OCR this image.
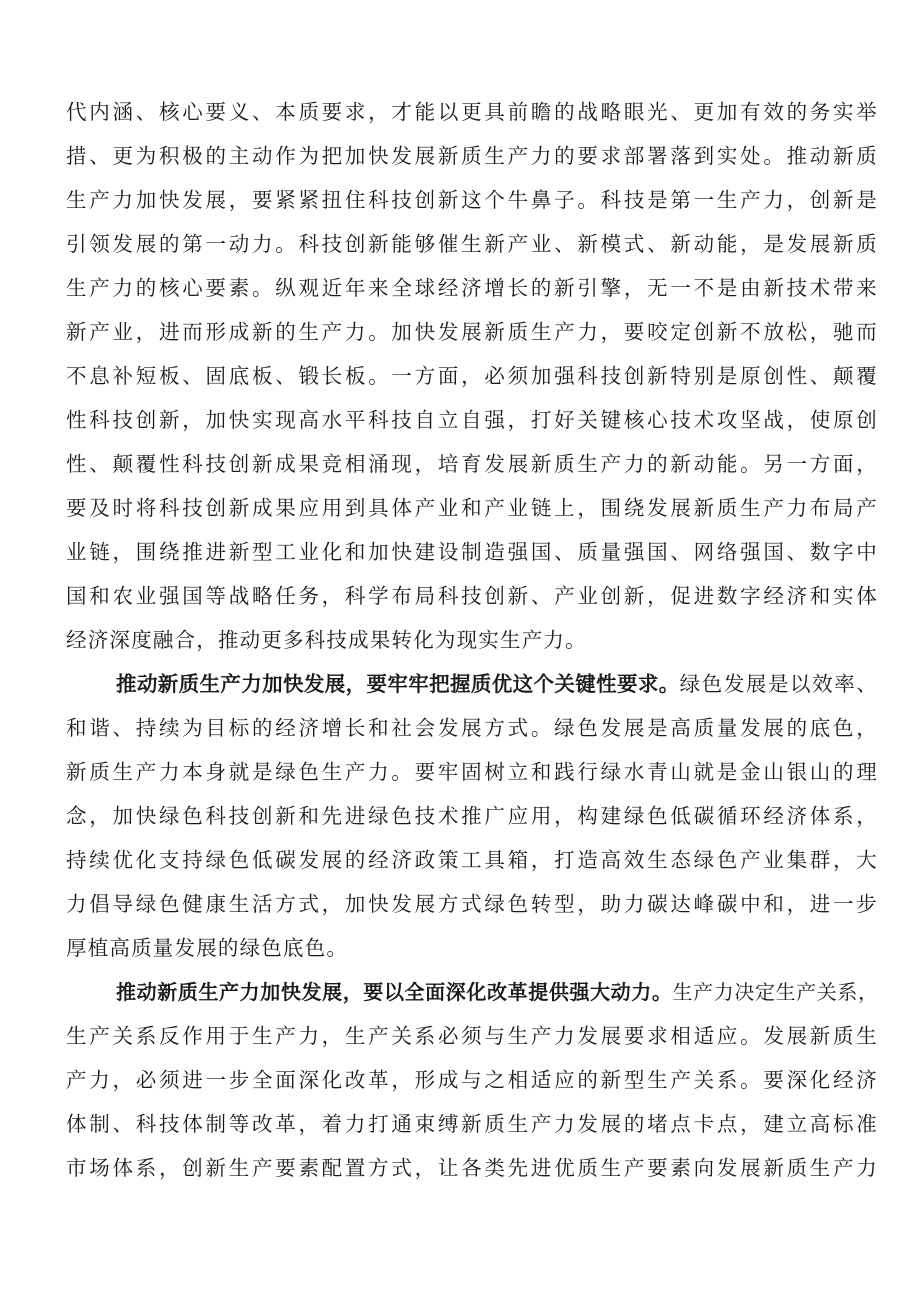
代内涵、核心要义、本质要求，才能以更具前瞻的战略眼光、更加有效的务实举

措、更为积极的主动作为把加快发展新质生产力的要求部署落到实处。推动新质

生产力加快发展，要紧紧扭住科技创新这个牛鼻子。科技是第一生产力，创新是

引领发展的第一动力。科技创新能够催生新产业、新模式、新动能，是发展新质

生产力的核心要素。纵观近年来全球经济增长的新引擎，无一不是由新技术带来

新产业，进而形成新的生产力。加快发展新质生产力，要咬定创新不放松，驰而

不息补短板、固底板、锻长板。一方面，必须加强科技创新特别是原创性、颠覆

性科技创新，加快实现高水平科技自立自强，打好关键核心技术攻坚战，使原创

性、颠覆性科技创新成果竞相涌现，培育发展新质生产力的新动能。另一方面，

要及时将科技创新成果应用到具体产业和产业链上，围绕发展新质生产力布局产

业链，围绕推进新型工业化和加快建设制造强国、质量强国、网络强国、数字中

国和农业强国等战略任务，科学布局科技创新、产业创新，促进数字经济和实体

经济深度融合，推动更多科技成果转化为现实生产力。

推动新质生产力加快发展，要牢牢把握质优这个关键性要求。绿色发展是以效率、

和谐、持续为目标的经济增长和社会发展方式。绿色发展是高质量发展的底色，

新质生产力本身就是绿色生产力。要牢固树立和践行绿水青山就是金山银山的理

念，加快绿色科技创新和先进绿色技术推广应用，构建绿色低碳循环经济体系，

持续优化支持绿色低碳发展的经济政策工具箱，打造高效生态绿色产业集群，大

力倡导绿色健康生活方式，加快发展方式绿色转型，助力碳达峰碳中和，进一步

厚植高质量发展的绿色底色。

推动新质生产力加快发展，要以全面深化改革提供强大动力。生产力决定生产关系，

生产关系反作用于生产力，生产关系必须与生产力发展要求相适应。发展新质生

产力，必须进一步全面深化改革，形成与之相适应的新型生产关系。要深化经济

体制、科技体制等改革，着力打通束缚新质生产力发展的堵点卡点，建立高标准

市场体系，创新生产要素配置方式，让各类先进优质生产要素向发展新质生产力
